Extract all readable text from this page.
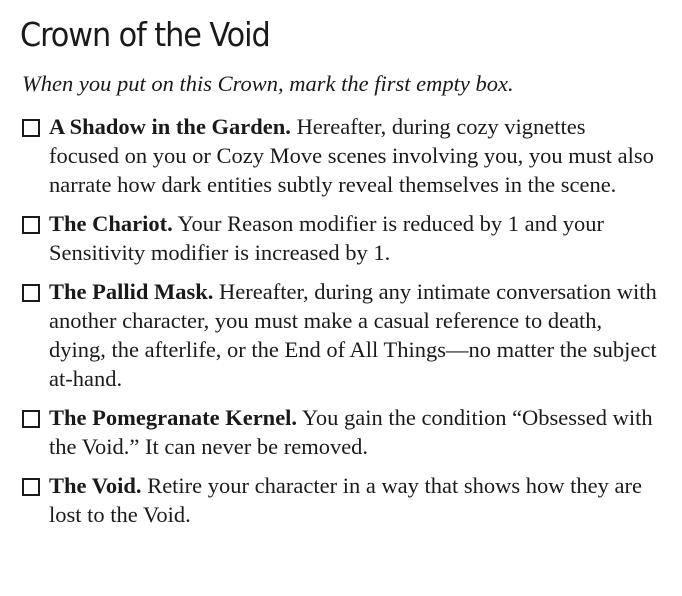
Crown of the Void

When you put on this Crown, mark the first empty box.

A Shadow in the Garden. Hereafter, during cozy vignettes focused on you or Cozy Move scenes involving you, you must also narrate how dark entities subtly reveal themselves in the scene.
The Chariot. Your Reason modifier is reduced by 1 and your Sensitivity modifier is increased by 1.
The Pallid Mask. Hereafter, during any intimate conversation with another character, you must make a casual reference to death, dying, the afterlife, or the End of All Things—no matter the subject at-hand.
The Pomegranate Kernel. You gain the condition “Obsessed with the Void.” It can never be removed.
The Void. Retire your character in a way that shows how they are lost to the Void.
